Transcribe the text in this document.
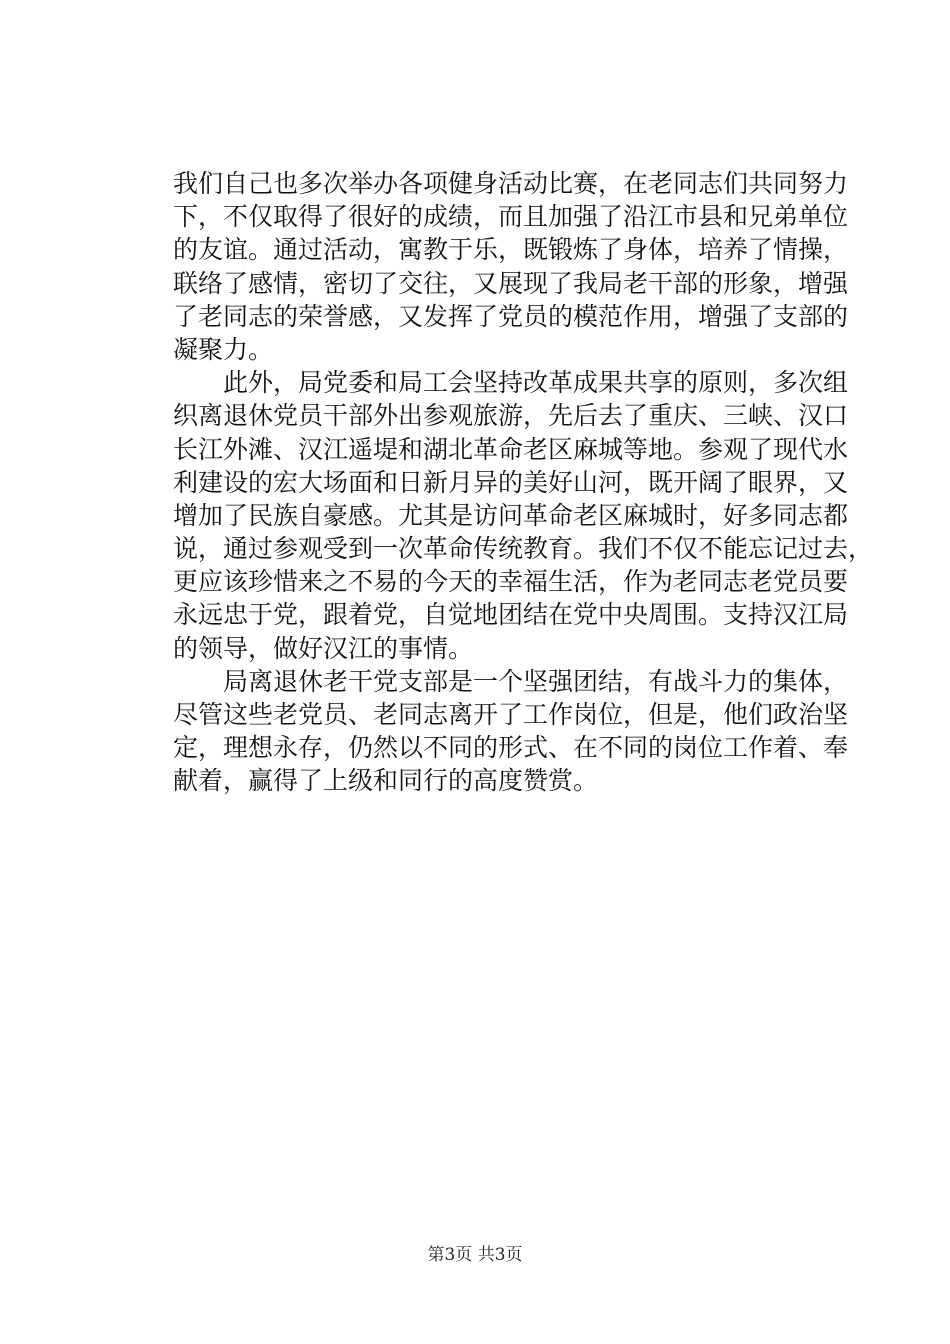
我们自己也多次举办各项健身活动比赛，在老同志们共同努力
下，不仅取得了很好的成绩，而且加强了沿江市县和兄弟单位
的友谊。通过活动，寓教于乐，既锻炼了身体，培养了情操，
联络了感情，密切了交往，又展现了我局老干部的形象，增强
了老同志的荣誉感，又发挥了党员的模范作用，增强了支部的
凝聚力。
　　此外，局党委和局工会坚持改革成果共享的原则，多次组
织离退休党员干部外出参观旅游，先后去了重庆、三峡、汉口
长江外滩、汉江遥堤和湖北革命老区麻城等地。参观了现代水
利建设的宏大场面和日新月异的美好山河，既开阔了眼界，又
增加了民族自豪感。尤其是访问革命老区麻城时，好多同志都
说，通过参观受到一次革命传统教育。我们不仅不能忘记过去，
更应该珍惜来之不易的今天的幸福生活，作为老同志老党员要
永远忠于党，跟着党，自觉地团结在党中央周围。支持汉江局
的领导，做好汉江的事情。
　　局离退休老干党支部是一个坚强团结，有战斗力的集体，
尽管这些老党员、老同志离开了工作岗位，但是，他们政治坚
定，理想永存，仍然以不同的形式、在不同的岗位工作着、奉
献着，赢得了上级和同行的高度赞赏。
第3页 共3页
